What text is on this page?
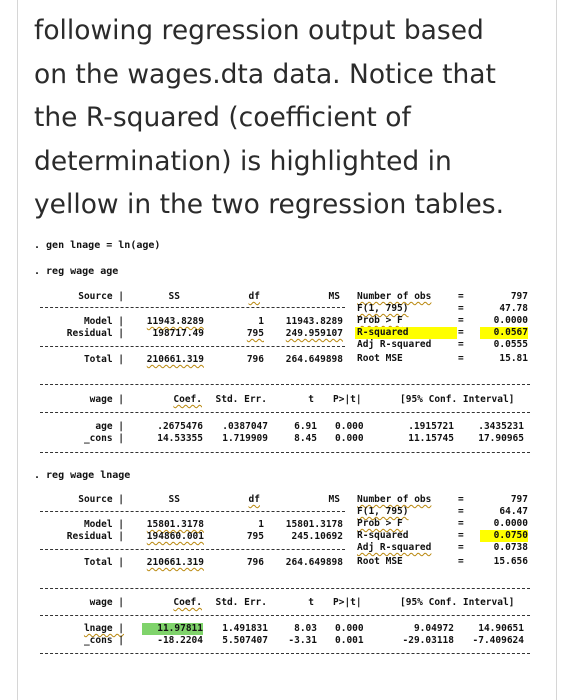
following regression output based
on the wages.dta data. Notice that
the R-squared (coefficient of
determination) is highlighted in
yellow in the two regression tables.
. gen lnage = ln(age)
. reg wage age
Source |	SS	df	MS
Model |	11943.8289	1	11943.8289
Residual |	198717.49	795	249.959107
Total |	210661.319	796	264.649898
Number of obs	=	797
F(1, 795)	=	47.78
Prob > F	=	0.0000
R-squared	=	0.0567
Adj R-squared	=	0.0555
Root MSE	=	15.81
wage |	Coef.	Std. Err.	t P>|t|	[95% Conf. Interval]
age |	.2675476	.0387047	6.91 0.000	.1915721	.3435231
_cons |	14.53355	1.719909	8.45 0.000	11.15745	17.90965
. reg wage lnage
Source |	SS	df	MS
Model |	15801.3178	1	15801.3178
Residual |	194860.001	795	245.10692
Total |	210661.319	796	264.649898
Number of obs	=	797
F(1, 795)	=	64.47
Prob > F	=	0.0000
R-squared	=	0.0750
Adj R-squared	=	0.0738
Root MSE	=	15.656
wage |	Coef.	Std. Err.	t P>|t|	[95% Conf. Interval]
lnage |	11.97811	1.491831	8.03 0.000	9.04972	14.90651
_cons |	-18.2204	5.507407	-3.31 0.001	-29.03118	-7.409624
